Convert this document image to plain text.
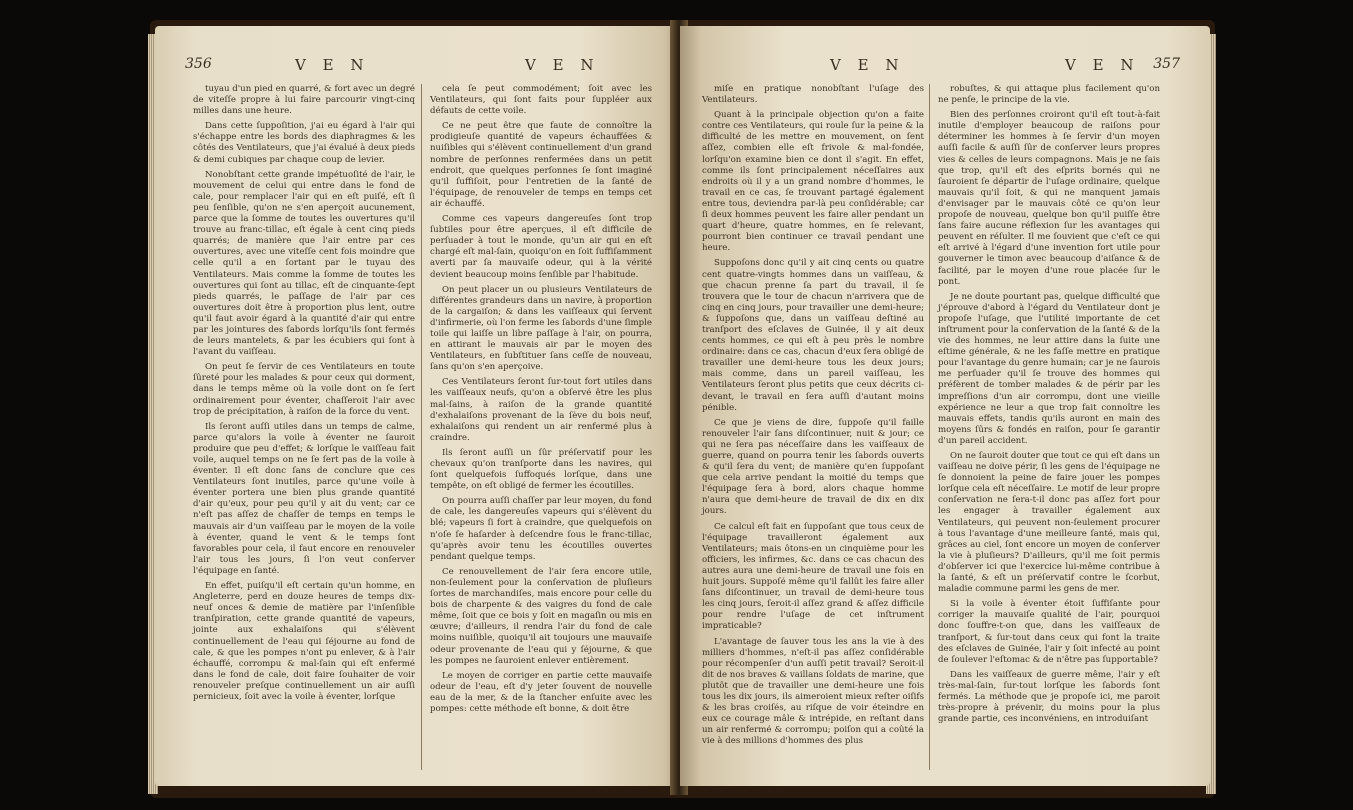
356	V E N	V E N

tuyau d'un pied en quarré, & fort avec un degré de viteſſe propre à lui faire parcourir vingt-cinq milles dans une heure.

Dans cette ſuppoſition, j'ai eu égard à l'air qui s'échappe entre les bords des diaphragmes & les côtés des Ventilateurs, que j'ai évalué à deux pieds & demi cubiques par chaque coup de levier.

Nonobſtant cette grande impétuoſité de l'air, le mouvement de celui qui entre dans le fond de cale, pour remplacer l'air qui en eſt puiſé, eſt ſi peu ſenſible, qu'on ne s'en aperçoit aucunement, parce que la ſomme de toutes les ouvertures qu'il trouve au franc-tillac, eſt égale à cent cinq pieds quarrés; de manière que l'air entre par ces ouvertures, avec une viteſſe cent fois moindre que celle qu'il a en ſortant par le tuyau des Ventilateurs. Mais comme la ſomme de toutes les ouvertures qui ſont au tillac, eſt de cinquante-ſept pieds quarrés, le paſſage de l'air par ces ouvertures doit être à proportion plus lent, outre qu'il faut avoir égard à la quantité d'air qui entre par les jointures des ſabords lorſqu'ils ſont fermés de leurs mantelets, & par les écubiers qui ſont à l'avant du vaiſſeau.

On peut ſe ſervir de ces Ventilateurs en toute ſûreté pour les malades & pour ceux qui dorment, dans le temps même où la voile dont on ſe ſert ordinairement pour éventer, chaſſeroit l'air avec trop de précipitation, à raiſon de la force du vent.

Ils ſeront auſſi utiles dans un temps de calme, parce qu'alors la voile à éventer ne ſauroit produire que peu d'effet; & lorſque le vaiſſeau fait voile, auquel temps on ne ſe ſert pas de la voile à éventer. Il eſt donc ſans de conclure que ces Ventilateurs ſont inutiles, parce qu'une voile à éventer portera une bien plus grande quantité d'air qu'eux, pour peu qu'il y ait du vent; car ce n'eſt pas aſſez de chaſſer de temps en temps le mauvais air d'un vaiſſeau par le moyen de la voile à éventer, quand le vent & le temps ſont favorables pour cela, il faut encore en renouveler l'air tous les jours, ſi l'on veut conſerver l'équipage en ſanté.

En effet, puiſqu'il eſt certain qu'un homme, en Angleterre, perd en douze heures de temps dix-neuf onces & demie de matière par l'inſenſible tranſpiration, cette grande quantité de vapeurs, jointe aux exhalaiſons qui s'élèvent continuellement de l'eau qui ſéjourne au fond de cale, & que les pompes n'ont pu enlever, & à l'air échauffé, corrompu & mal-ſain qui eſt enfermé dans le fond de cale, doit faire ſouhaiter de voir renouveler preſque continuellement un air auſſi pernicieux, ſoit avec la voile à éventer, lorſque

cela ſe peut commodément; ſoit avec les Ventilateurs, qui ſont faits pour ſuppléer aux défauts de cette voile.

Ce ne peut être que faute de connoître la prodigieuſe quantité de vapeurs échauffées & nuiſibles qui s'élèvent continuellement d'un grand nombre de perſonnes renfermées dans un petit endroit, que quelques perſonnes ſe ſont imaginé qu'il ſuffiſoit, pour l'entretien de la ſanté de l'équipage, de renouveler de temps en temps cet air échauffé.

Comme ces vapeurs dangereuſes ſont trop ſubtiles pour être aperçues, il eſt difficile de perſuader à tout le monde, qu'un air qui en eſt chargé eſt mal-ſain, quoiqu'on en ſoit ſuffiſamment averti par ſa mauvaiſe odeur, qui à la vérité devient beaucoup moins ſenſible par l'habitude.

On peut placer un ou plusieurs Ventilateurs de différentes grandeurs dans un navire, à proportion de la cargaiſon; & dans les vaiſſeaux qui ſervent d'infirmerie, où l'on ferme les ſabords d'une ſimple toile qui laiſſe un libre paſſage à l'air, on pourra, en attirant le mauvais air par le moyen des Ventilateurs, en ſubſtituer ſans ceſſe de nouveau, ſans qu'on s'en aperçoive.

Ces Ventilateurs ſeront ſur-tout fort utiles dans les vaiſſeaux neufs, qu'on a obſervé être les plus mal-ſains, à raiſon de la grande quantité d'exhalaiſons provenant de la ſève du bois neuf, exhalaiſons qui rendent un air renfermé plus à craindre.

Ils ſeront auſſi un ſûr préſervatif pour les chevaux qu'on tranſporte dans les navires, qui ſont quelquefois ſuffoqués lorſque, dans une tempête, on eſt obligé de fermer les écoutilles.

On pourra auſſi chaſſer par leur moyen, du fond de cale, les dangereuſes vapeurs qui s'élèvent du blé; vapeurs ſi fort à craindre, que quelquefois on n'oſe ſe haſarder à deſcendre ſous le franc-tillac, qu'après avoir tenu les écoutilles ouvertes pendant quelque temps.

Ce renouvellement de l'air ſera encore utile, non-ſeulement pour la conſervation de pluſieurs ſortes de marchandiſes, mais encore pour celle du bois de charpente & des vaigres du fond de cale même, ſoit que ce bois y ſoit en magaſin ou mis en œuvre; d'ailleurs, il rendra l'air du fond de cale moins nuiſible, quoiqu'il ait toujours une mauvaiſe odeur provenante de l'eau qui y ſéjourne, & que les pompes ne ſauroient enlever entièrement.

Le moyen de corriger en partie cette mauvaiſe odeur de l'eau, eſt d'y jeter ſouvent de nouvelle eau de la mer, & de la ſtancher enſuite avec les pompes: cette méthode eſt bonne, & doit être

V E N	V E N 357

miſe en pratique nonobſtant l'uſage des Ventilateurs.

Quant à la principale objection qu'on a faite contre ces Ventilateurs, qui roule ſur la peine & la difficulté de les mettre en mouvement, on ſent aſſez, combien elle eſt frivole & mal-fondée, lorſqu'on examine bien ce dont il s'agit. En effet, comme ils ſont principalement néceſſaires aux endroits où il y a un grand nombre d'hommes, le travail en ce cas, ſe trouvant partagé également entre tous, deviendra par-là peu conſidérable; car ſi deux hommes peuvent les faire aller pendant un quart d'heure, quatre hommes, en ſe relevant, pourront bien continuer ce travail pendant une heure.

Suppoſons donc qu'il y ait cinq cents ou quatre cent quatre-vingts hommes dans un vaiſſeau, & que chacun prenne ſa part du travail, il ſe trouvera que le tour de chacun n'arrivera que de cinq en cinq jours, pour travailler une demi-heure; & ſuppoſons que, dans un vaiſſeau deſtiné au tranſport des eſclaves de Guinée, il y ait deux cents hommes, ce qui eſt à peu près le nombre ordinaire: dans ce cas, chacun d'eux ſera obligé de travailler une demi-heure tous les deux jours; mais comme, dans un pareil vaiſſeau, les Ventilateurs ſeront plus petits que ceux décrits ci-devant, le travail en ſera auſſi d'autant moins pénible.

Ce que je viens de dire, ſuppoſe qu'il faille renouveler l'air ſans diſcontinuer, nuit & jour; ce qui ne ſera pas néceſſaire dans les vaiſſeaux de guerre, quand on pourra tenir les ſabords ouverts & qu'il ſera du vent; de manière qu'en ſuppoſant que cela arrive pendant la moitié du temps que l'équipage ſera à bord, alors chaque homme n'aura que demi-heure de travail de dix en dix jours.

Ce calcul eſt fait en ſuppoſant que tous ceux de l'équipage travailleront également aux Ventilateurs; mais ôtons-en un cinquième pour les officiers, les infirmes, &c. dans ce cas chacun des autres aura une demi-heure de travail une fois en huit jours. Suppoſé même qu'il fallût les faire aller ſans diſcontinuer, un travail de demi-heure tous les cinq jours, ſeroit-il aſſez grand & aſſez difficile pour rendre l'uſage de cet inſtrument impraticable?

L'avantage de ſauver tous les ans la vie à des milliers d'hommes, n'eſt-il pas aſſez conſidérable pour récompenſer d'un auſſi petit travail? Seroit-il dit de nos braves & vaillans ſoldats de marine, que plutôt que de travailler une demi-heure une fois tous les dix jours, ils aimeroient mieux reſter oiſifs & les bras croiſés, au riſque de voir éteindre en eux ce courage mâle & intrépide, en reſtant dans un air renfermé & corrompu; poiſon qui a coûté la vie à des millions d'hommes des plus

robuſtes, & qui attaque plus facilement qu'on ne penſe, le principe de la vie.

Bien des perſonnes croiront qu'il eſt tout-à-fait inutile d'employer beaucoup de raiſons pour déterminer les hommes à ſe ſervir d'un moyen auſſi facile & auſſi ſûr de conſerver leurs propres vies & celles de leurs compagnons. Mais je ne ſais que trop, qu'il eſt des eſprits bornés qui ne ſauroient ſe départir de l'uſage ordinaire, quelque mauvais qu'il ſoit, & qui ne manquent jamais d'envisager par le mauvais côté ce qu'on leur propoſe de nouveau, quelque bon qu'il puiſſe être ſans faire aucune réflexion ſur les avantages qui peuvent en réſulter. Il me ſouvient que c'eſt ce qui eſt arrivé à l'égard d'une invention fort utile pour gouverner le timon avec beaucoup d'aiſance & de facilité, par le moyen d'une roue placée ſur le pont.

Je ne doute pourtant pas, quelque difficulté que j'éprouve d'abord à l'égard du Ventilateur dont je propoſe l'uſage, que l'utilité importante de cet inſtrument pour la conſervation de la ſanté & de la vie des hommes, ne leur attire dans la ſuite une eſtime générale, & ne les faſſe mettre en pratique pour l'avantage du genre humain; car je ne ſaurois me perſuader qu'il ſe trouve des hommes qui préfèrent de tomber malades & de périr par les impreſſions d'un air corrompu, dont une vieille expérience ne leur a que trop fait connoître les mauvais effets, tandis qu'ils auront en main des moyens ſûrs & fondés en raiſon, pour ſe garantir d'un pareil accident.

On ne ſauroit douter que tout ce qui eſt dans un vaiſſeau ne doive périr, ſi les gens de l'équipage ne ſe donnoient la peine de faire jouer les pompes lorſque cela eſt néceſſaire. Le motif de leur propre conſervation ne ſera-t-il donc pas aſſez fort pour les engager à travailler également aux Ventilateurs, qui peuvent non-ſeulement procurer à tous l'avantage d'une meilleure ſanté, mais qui, grâces au ciel, ſont encore un moyen de conſerver la vie à pluſieurs? D'ailleurs, qu'il me ſoit permis d'obſerver ici que l'exercice lui-même contribue à la ſanté, & eſt un préſervatif contre le ſcorbut, maladie commune parmi les gens de mer.

Si la voile à éventer étoit ſuffiſante pour corriger la mauvaiſe qualité de l'air, pourquoi donc ſouffre-t-on que, dans les vaiſſeaux de tranſport, & ſur-tout dans ceux qui font la traite des eſclaves de Guinée, l'air y ſoit infecté au point de ſoulever l'eſtomac & de n'être pas ſupportable?

Dans les vaiſſeaux de guerre même, l'air y eſt très-mal-ſain, ſur-tout lorſque les ſabords ſont fermés. La méthode que je propoſe ici, me paroit très-propre à prévenir, du moins pour la plus grande partie, ces inconvéniens, en introduiſant
